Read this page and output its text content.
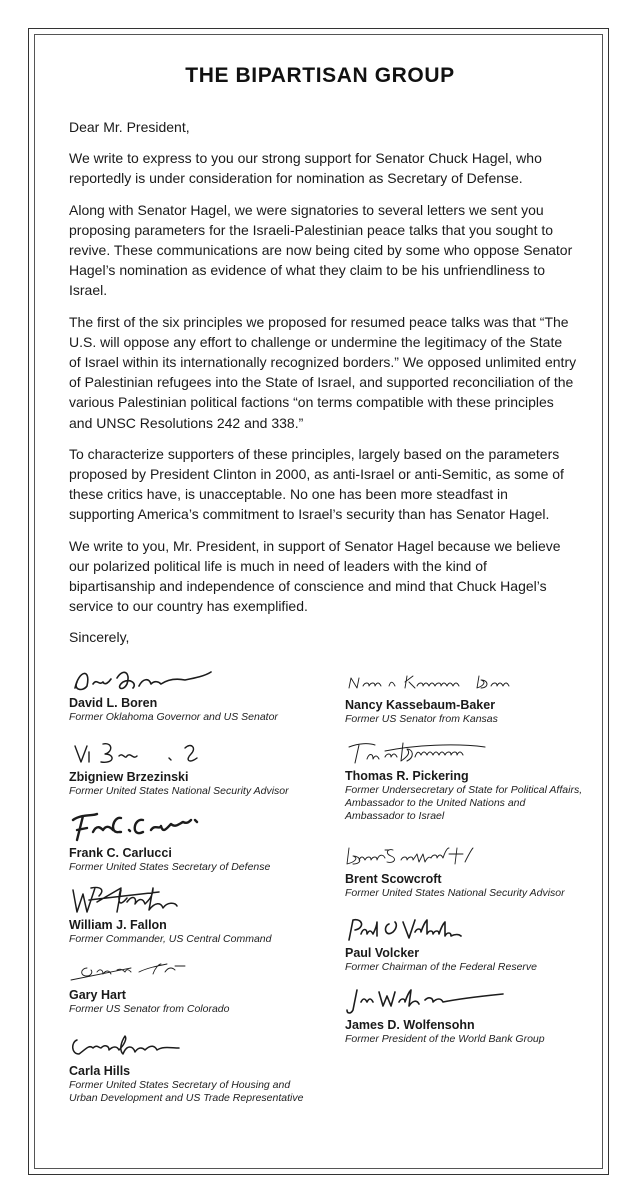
THE BIPARTISAN GROUP

Dear Mr. President,

We write to express to you our strong support for Senator Chuck Hagel, who reportedly is under consideration for nomination as Secretary of Defense.

Along with Senator Hagel, we were signatories to several letters we sent you proposing parameters for the Israeli-Palestinian peace talks that you sought to revive. These communications are now being cited by some who oppose Senator Hagel’s nomination as evidence of what they claim to be his unfriendliness to Israel.

The first of the six principles we proposed for resumed peace talks was that “The U.S. will oppose any effort to challenge or undermine the legitimacy of the State of Israel within its internationally recognized borders.” We opposed unlimited entry of Palestinian refugees into the State of Israel, and supported reconciliation of the various Palestinian political factions “on terms compatible with these principles and UNSC Resolutions 242 and 338.”

To characterize supporters of these principles, largely based on the parameters proposed by President Clinton in 2000, as anti-Israel or anti-Semitic, as some of these critics have, is unacceptable. No one has been more steadfast in supporting America’s commitment to Israel’s security than has Senator Hagel.

We write to you, Mr. President, in support of Senator Hagel because we believe our polarized political life is much in need of leaders with the kind of bipartisanship and independence of conscience and mind that Chuck Hagel’s service to our country has exemplified.

Sincerely,

David L. Boren
Former Oklahoma Governor and US Senator
Zbigniew Brzezinski
Former United States National Security Advisor
Frank C. Carlucci
Former United States Secretary of Defense
William J. Fallon
Former Commander, US Central Command
Gary Hart
Former US Senator from Colorado
Carla Hills
Former United States Secretary of Housing and Urban Development and US Trade Representative
Nancy Kassebaum-Baker
Former US Senator from Kansas
Thomas R. Pickering
Former Undersecretary of State for Political Affairs, Ambassador to the United Nations and Ambassador to Israel
Brent Scowcroft
Former United States National Security Advisor
Paul Volcker
Former Chairman of the Federal Reserve
James D. Wolfensohn
Former President of the World Bank Group
